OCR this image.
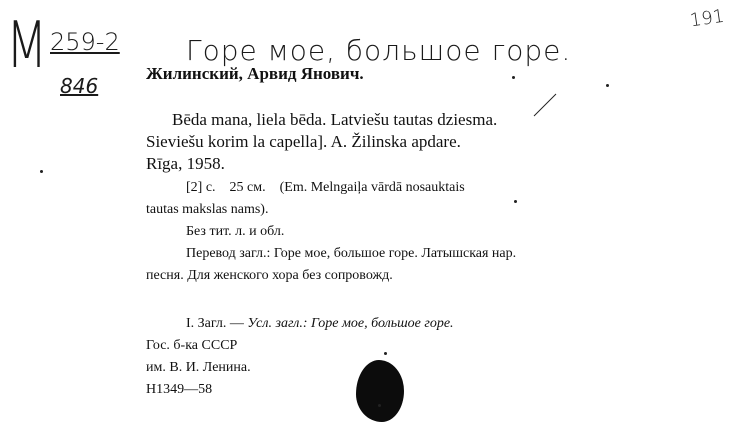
M 259-2
846
191
Горе мое, большое горе.
Жилинский, Арвид Янович.
Bēda mana, liela bēda. Latviešu tautas dziesma.
Sieviešu korim la capella]. A. Žilinska apdare.
Rīga, 1958.
[2] c.    25 см.    (Em. Melngaiļa vārdā nosauktais
tautas makslas nams).
Без тит. л. и обл.
Перевод загл.: Горе мое, большое горе. Латышская нар.
песня. Для женского хора без сопровожд.
I. Загл. — Усл. загл.: Горе мое, большое горе.
Гос. б-ка СССР
им. В. И. Ленина.
H1349—58
